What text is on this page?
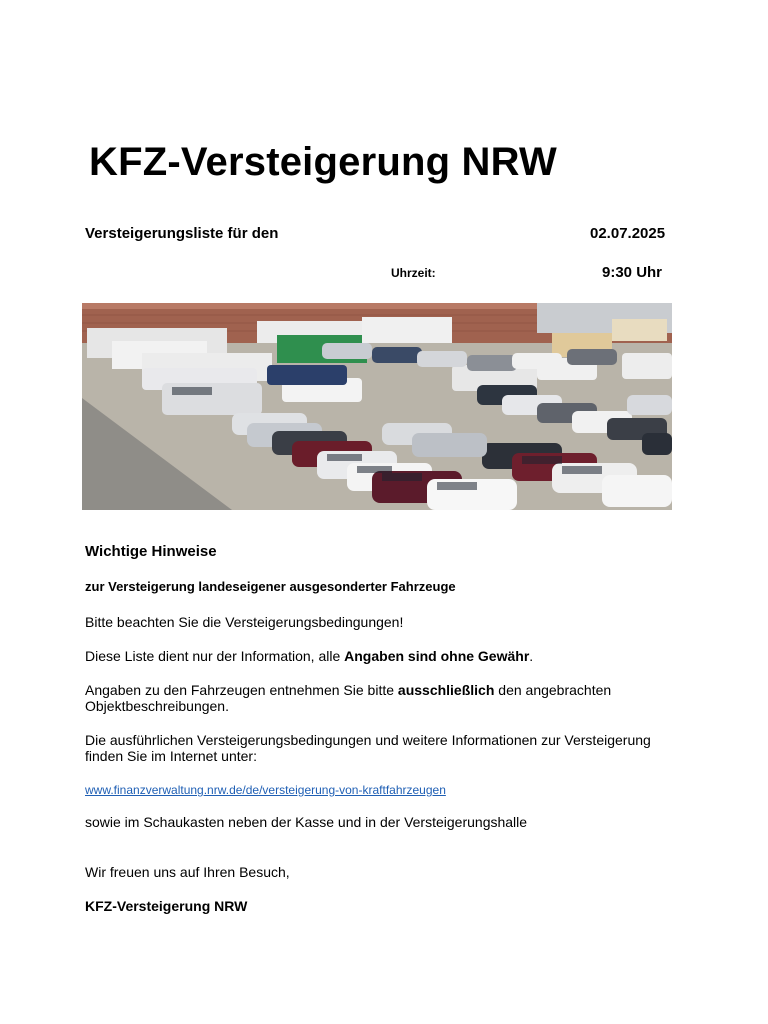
KFZ-Versteigerung NRW
Versteigerungsliste für den	02.07.2025
Uhrzeit:	9:30 Uhr
Wichtige Hinweise
zur Versteigerung landeseigener ausgesonderter Fahrzeuge
Bitte beachten Sie die Versteigerungsbedingungen!
Diese Liste dient nur der Information, alle Angaben sind ohne Gewähr.
Angaben zu den Fahrzeugen entnehmen Sie bitte ausschließlich den angebrachten Objektbeschreibungen.
Die ausführlichen Versteigerungsbedingungen und weitere Informationen zur Versteigerung finden Sie im Internet unter:
www.finanzverwaltung.nrw.de/de/versteigerung-von-kraftfahrzeugen
sowie im Schaukasten neben der Kasse und in der Versteigerungshalle
Wir freuen uns auf Ihren Besuch,
KFZ-Versteigerung NRW
